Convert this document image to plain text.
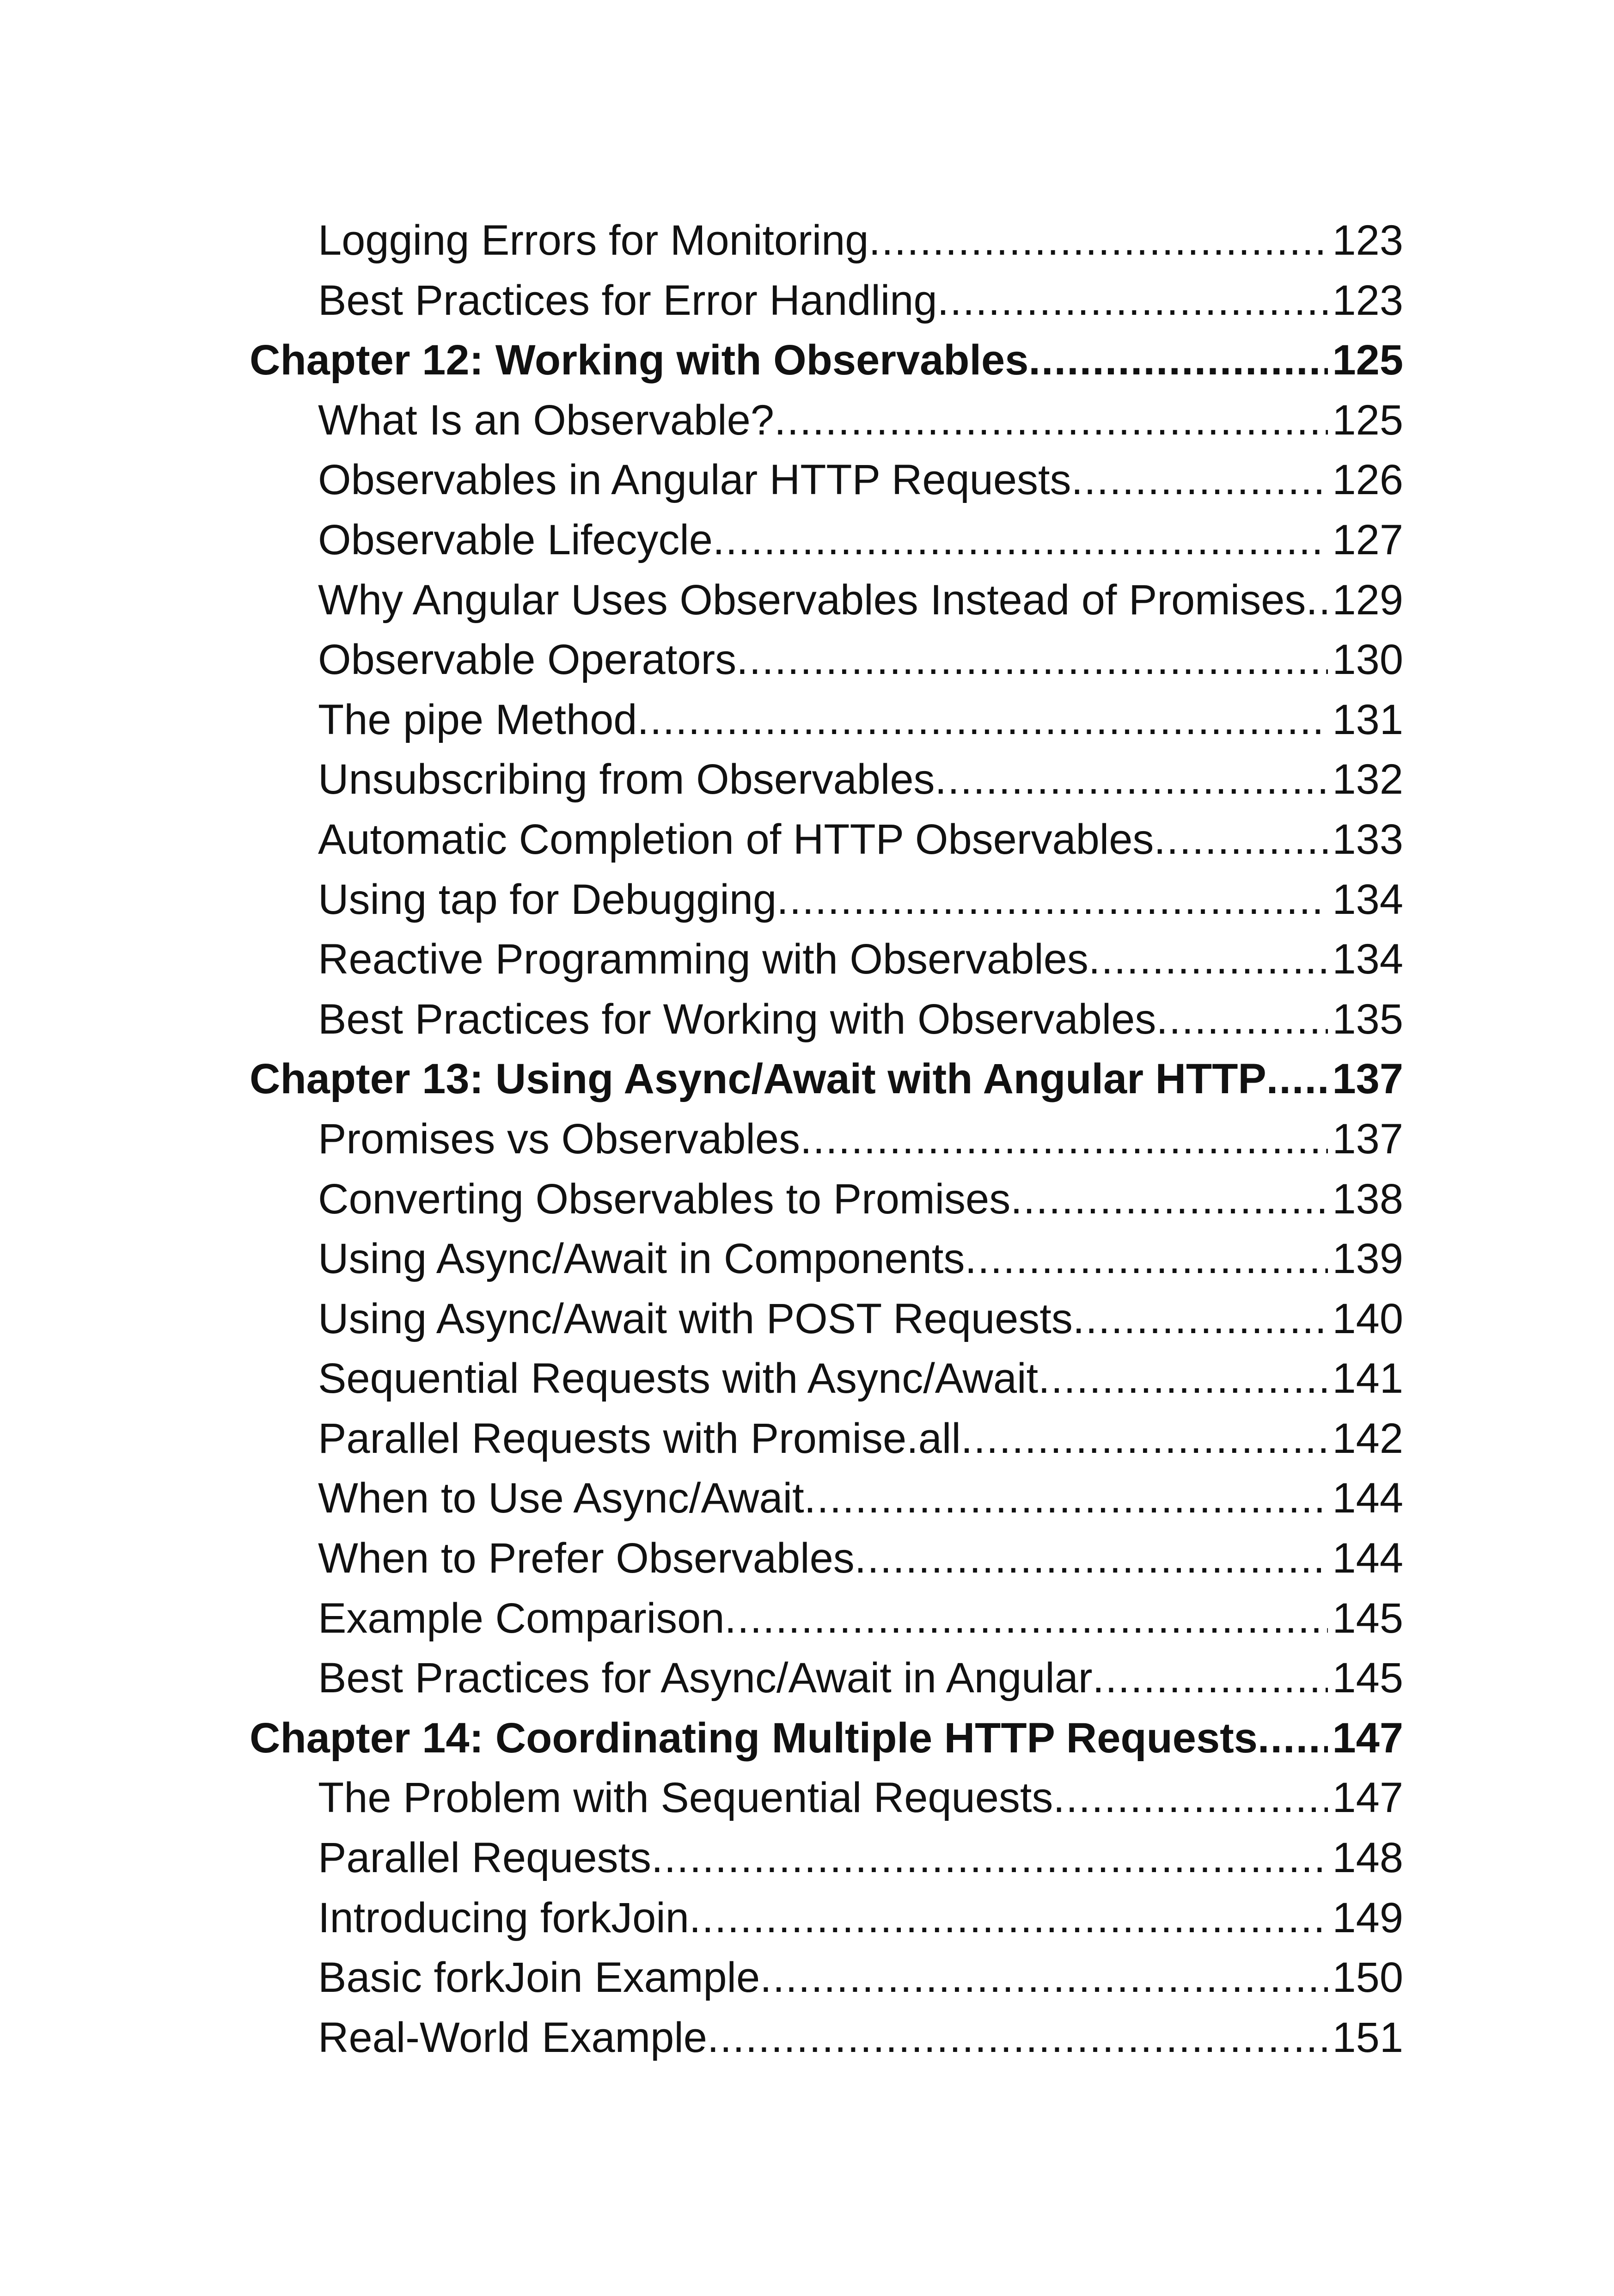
Logging Errors for Monitoring .....	123
Best Practices for Error Handling .....	123
Chapter 12: Working with Observables .....	125
What Is an Observable? .....	125
Observables in Angular HTTP Requests .....	126
Observable Lifecycle .....	127
Why Angular Uses Observables Instead of Promises ..... 129
Observable Operators .....	130
The pipe Method .....	131
Unsubscribing from Observables .....	132
Automatic Completion of HTTP Observables .....	133
Using tap for Debugging .....	134
Reactive Programming with Observables .....	134
Best Practices for Working with Observables .....	135
Chapter 13: Using Async/Await with Angular HTTP ..... 137
Promises vs Observables .....	137
Converting Observables to Promises .....	138
Using Async/Await in Components .....	139
Using Async/Await with POST Requests .....	140
Sequential Requests with Async/Await .....	141
Parallel Requests with Promise.all .....	142
When to Use Async/Await .....	144
When to Prefer Observables .....	144
Example Comparison .....	145
Best Practices for Async/Await in Angular .....	145
Chapter 14: Coordinating Multiple HTTP Requests ..... 147
The Problem with Sequential Requests .....	147
Parallel Requests .....	148
Introducing forkJoin .....	149
Basic forkJoin Example .....	150
Real-World Example .....	151
